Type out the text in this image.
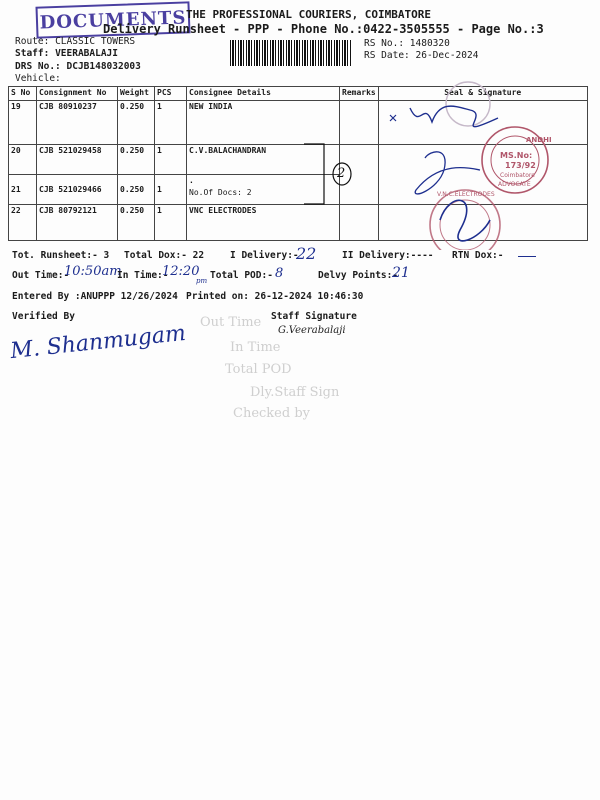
DOCUMENTS THE PROFESSIONAL COURIERS, COIMBATORE
Delivery Runsheet - PPP - Phone No.:0422-3505555 - Page No.:3
Route: CLASSIC TOWERS
Staff: VEERABALAJI
DRS No.: DCJB148032003
Vehicle:
RS No.: 1480320
RS Date: 26-Dec-2024
S No	Consignment No	Weight	PCS	Consignee Details	Remarks	Seal & Signature
19	CJB 80910237	0.250	1	NEW INDIA		
20	CJB 521029458	0.250	1	C.V.BALACHANDRAN		
21	CJB 521029466	0.250	1	.
No.Of Docs: 2		

22	CJB 80792121	0.250	1	VNC ELECTRODES		
2
ANDHI
MS.No:
173/92
Coimbatore
ADVOCATE
V.N.C.ELECTRODES
Out Time
In Time
Total POD
Dly.Staff Sign
Checked by
Tot. Runsheet:- 3 Total Dox:- 22	I Delivery:-
22	II Delivery:---- RTN Dox:-
Out Time:-
10:50am
In Time:-
12:20
pm Total POD:- 8	Delvy Points:-
21
Entered By :ANUPPP 12/26/2024 Printed on: 26-12-2024 10:46:30
Verified By	Staff Signature
G.Veerabalaji
M. Shanmugam
